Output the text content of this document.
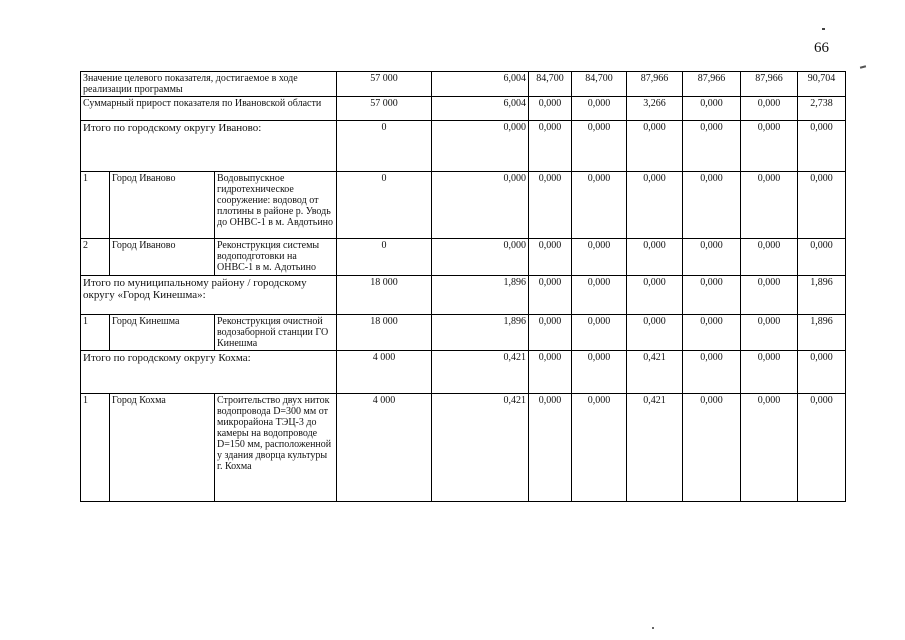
66
Значение целевого показателя, достигаемое в ходе реализации программы			57 000	6,004	84,700	84,700	87,966	87,966	87,966	90,704
Суммарный прирост показателя по Ивановской области			57 000	6,004	0,000	0,000	3,266	0,000	0,000	2,738
Итого по городскому округу Иваново:			0	0,000	0,000	0,000	0,000	0,000	0,000	0,000
1	Город Иваново	Водовыпускное гидротехническое сооружение: водовод от плотины в районе р. Уводь до ОНВС-1 в м. Авдотьино	0	0,000	0,000	0,000	0,000	0,000	0,000	0,000
2	Город Иваново	Реконструкция системы водоподготовки на ОНВС-1 в м. Адотьино	0	0,000	0,000	0,000	0,000	0,000	0,000	0,000
Итого по муниципальному району / городскому округу «Город Кинешма»:			18 000	1,896	0,000	0,000	0,000	0,000	0,000	1,896
1	Город Кинешма	Реконструкция очистной водозаборной станции ГО Кинешма	18 000	1,896	0,000	0,000	0,000	0,000	0,000	1,896
Итого по городскому округу Кохма:			4 000	0,421	0,000	0,000	0,421	0,000	0,000	0,000
1	Город Кохма	Строительство двух ниток водопровода D=300 мм от микрорайона ТЭЦ-3 до камеры на водопроводе D=150 мм, расположенной у здания дворца культуры г. Кохма	4 000	0,421	0,000	0,000	0,421	0,000	0,000	0,000
